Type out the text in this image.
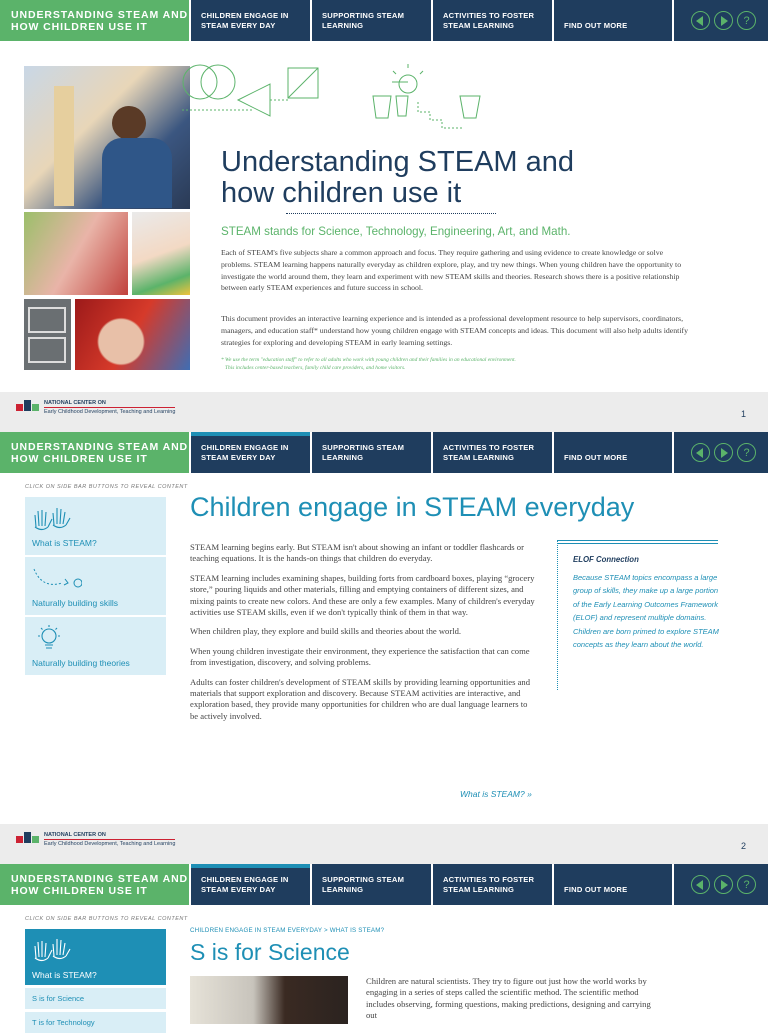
UNDERSTANDING STEAM AND HOW CHILDREN USE IT
CHILDREN ENGAGE IN STEAM EVERY DAY
SUPPORTING STEAM LEARNING
ACTIVITIES TO FOSTER STEAM LEARNING	FIND OUT MORE	?
Understanding STEAM and
how children use it
STEAM stands for Science, Technology, Engineering, Art, and Math.
Each of STEAM's five subjects share a common approach and focus. They require gathering and using evidence to create knowledge or solve problems. STEAM learning happens naturally everyday as children explore, play, and try new things. When young children have the opportunity to investigate the world around them, they learn and experiment with new STEAM skills and theories. Research shows there is a positive relationship between early STEAM experiences and future success in school.
This document provides an interactive learning experience and is intended as a professional development resource to help supervisors, coordinators, managers, and education staff* understand how young children engage with STEAM concepts and ideas. This document will also help adults identify strategies for exploring and developing STEAM in early learning settings.
* We use the term "education staff" to refer to all adults who work with young children and their families in an educational environment.
This includes center-based teachers, family child care providers, and home visitors.
NATIONAL CENTER ON
Early Childhood Development, Teaching and Learning	1
UNDERSTANDING STEAM AND HOW CHILDREN USE IT
CHILDREN ENGAGE IN STEAM EVERY DAY
SUPPORTING STEAM LEARNING
ACTIVITIES TO FOSTER STEAM LEARNING	FIND OUT MORE	?
CLICK ON SIDE BAR BUTTONS TO REVEAL CONTENT
What is STEAM?
Naturally building skills
Naturally building theories
Children engage in STEAM everyday

STEAM learning begins early. But STEAM isn't about showing an infant or toddler flashcards or teaching equations. It is the hands-on things that children do everyday.

STEAM learning includes examining shapes, building forts from cardboard boxes, playing “grocery store,” pouring liquids and other materials, filling and emptying containers of different sizes, and mixing paints to create new colors. And these are only a few examples. Many of children's everyday activities use STEAM skills, even if we don't typically think of them in that way.

When children play, they explore and build skills and theories about the world.

When young children investigate their environment, they experience the satisfaction that can come from investigation, discovery, and solving problems.

Adults can foster children's development of STEAM skills by providing learning opportunities and materials that support exploration and discovery. Because STEAM activities are interactive, and exploration based, they provide many opportunities for children who are dual language learners to be actively involved.

What is STEAM? »
ELOF Connection
Because STEAM topics encompass a large group of skills, they make up a large portion of the Early Learning Outcomes Framework (ELOF) and represent multiple domains. Children are born primed to explore STEAM concepts as they learn about the world.
NATIONAL CENTER ON
Early Childhood Development, Teaching and Learning	2
UNDERSTANDING STEAM AND HOW CHILDREN USE IT
CHILDREN ENGAGE IN STEAM EVERY DAY
SUPPORTING STEAM LEARNING
ACTIVITIES TO FOSTER STEAM LEARNING	FIND OUT MORE	?
CLICK ON SIDE BAR BUTTONS TO REVEAL CONTENT
What is STEAM?
S is for Science
T is for Technology
CHILDREN ENGAGE IN STEAM EVERYDAY > WHAT IS STEAM?
S is for Science
Children are natural scientists. They try to figure out just how the world works by engaging in a series of steps called the scientific method. The scientific method includes observing, forming questions, making predictions, designing and carrying out
